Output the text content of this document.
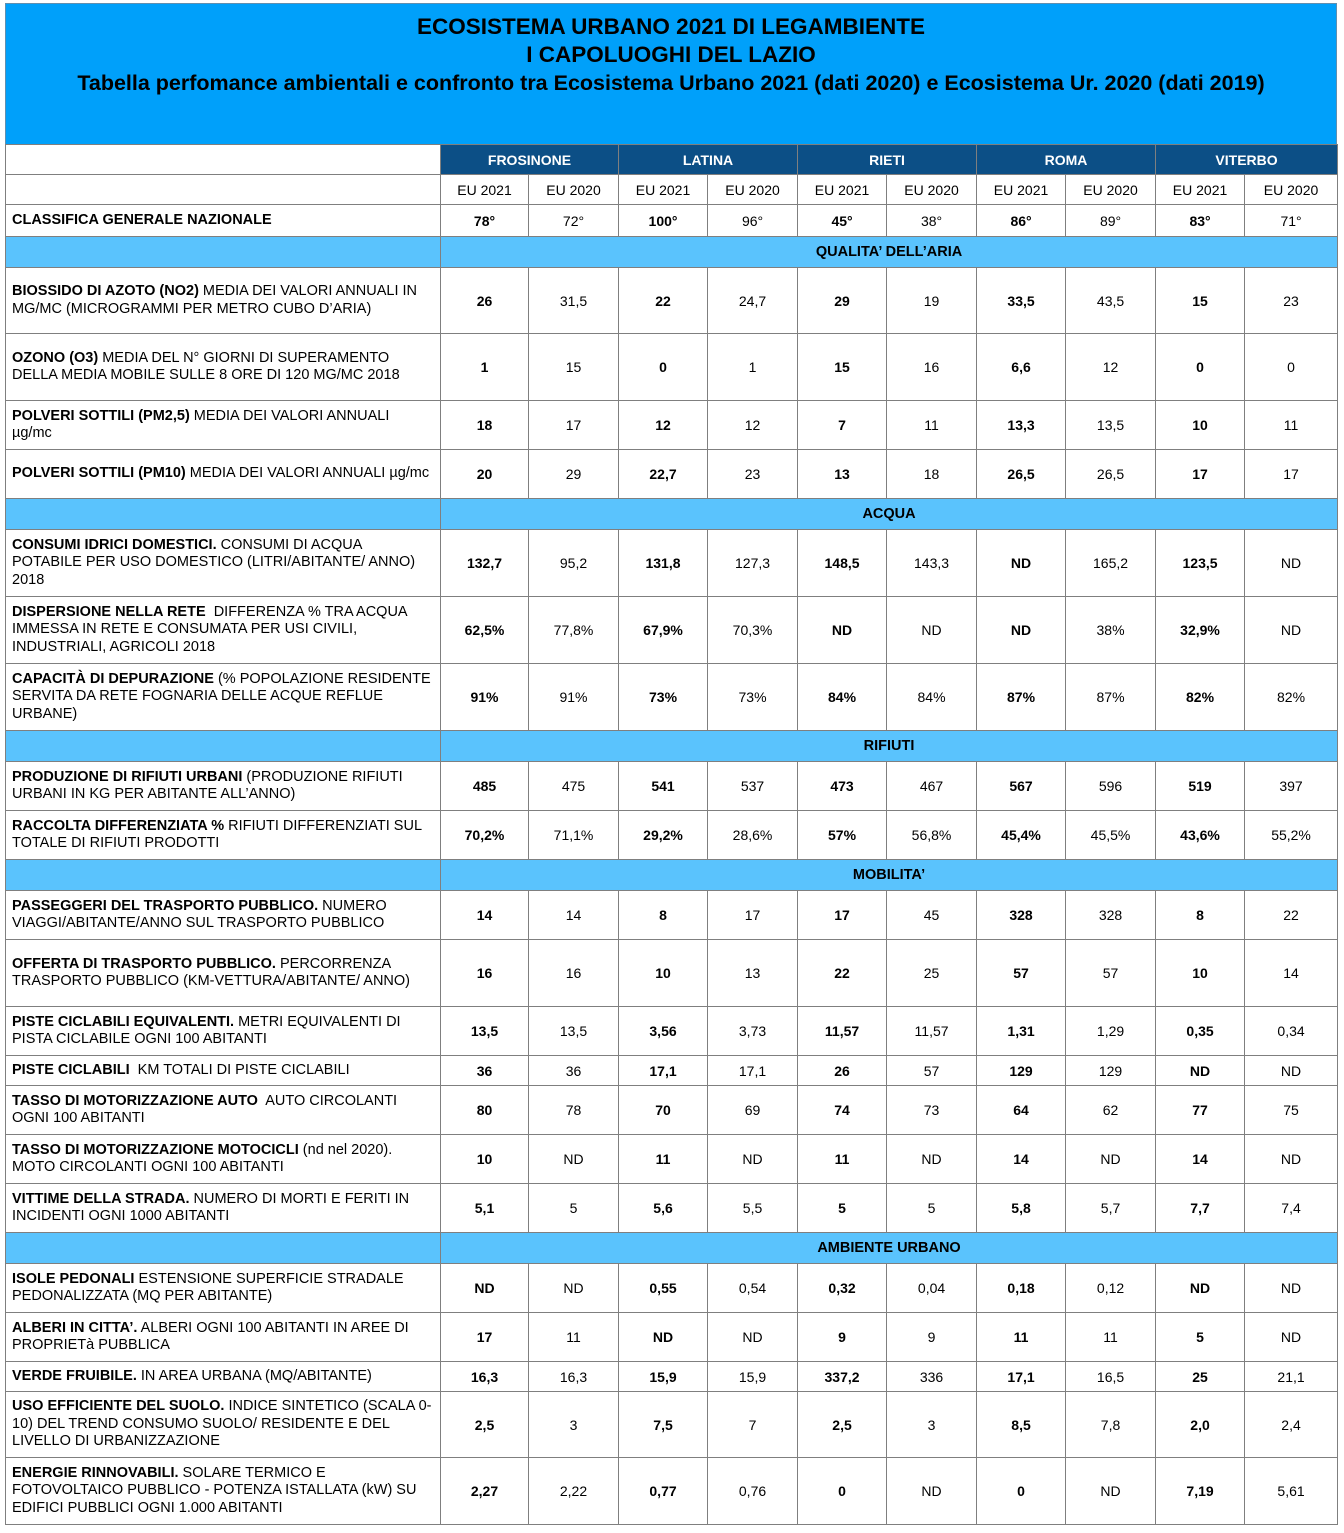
ECOSISTEMA URBANO 2021 DI LEGAMBIENTE
I CAPOLUOGHI DEL LAZIO
Tabella perfomance ambientali e confronto tra Ecosistema Urbano 2021 (dati 2020) e Ecosistema Ur. 2020 (dati 2019)
	FROSINONE		LATINA		RIETI		ROMA		VITERBO	
	EU 2021	EU 2020	EU 2021	EU 2020	EU 2021	EU 2020	EU 2021	EU 2020	EU 2021	EU 2020
CLASSIFICA GENERALE NAZIONALE	78°	72°	100°	96°	45°	38°	86°	89°	83°	71°
	QUALITA’ DELL’ARIA									
BIOSSIDO DI AZOTO (NO2) MEDIA DEI VALORI ANNUALI IN MG/MC (MICROGRAMMI PER METRO CUBO D’ARIA)	26	31,5	22	24,7	29	19	33,5	43,5	15	23
OZONO (O3) MEDIA DEL N° GIORNI DI SUPERAMENTO DELLA MEDIA MOBILE SULLE 8 ORE DI 120 MG/MC 2018	1	15	0	1	15	16	6,6	12	0	0
POLVERI SOTTILI (PM2,5) MEDIA DEI VALORI ANNUALI µg/mc	18	17	12	12	7	11	13,3	13,5	10	11
POLVERI SOTTILI (PM10) MEDIA DEI VALORI ANNUALI µg/mc	20	29	22,7	23	13	18	26,5	26,5	17	17
	ACQUA									
CONSUMI IDRICI DOMESTICI. CONSUMI DI ACQUA POTABILE PER USO DOMESTICO (LITRI/ABITANTE/ ANNO) 2018	132,7	95,2	131,8	127,3	148,5	143,3	ND	165,2	123,5	ND
DISPERSIONE NELLA RETE  DIFFERENZA % TRA ACQUA IMMESSA IN RETE E CONSUMATA PER USI CIVILI, INDUSTRIALI, AGRICOLI 2018	62,5%	77,8%	67,9%	70,3%	ND	ND	ND	38%	32,9%	ND
CAPACITÀ DI DEPURAZIONE (% POPOLAZIONE RESIDENTE SERVITA DA RETE FOGNARIA DELLE ACQUE REFLUE URBANE)	91%	91%	73%	73%	84%	84%	87%	87%	82%	82%
	RIFIUTI									
PRODUZIONE DI RIFIUTI URBANI (PRODUZIONE RIFIUTI URBANI IN KG PER ABITANTE ALL’ANNO)	485	475	541	537	473	467	567	596	519	397
RACCOLTA DIFFERENZIATA % RIFIUTI DIFFERENZIATI SUL TOTALE DI RIFIUTI PRODOTTI	70,2%	71,1%	29,2%	28,6%	57%	56,8%	45,4%	45,5%	43,6%	55,2%
	MOBILITA’									
PASSEGGERI DEL TRASPORTO PUBBLICO. NUMERO VIAGGI/ABITANTE/ANNO SUL TRASPORTO PUBBLICO	14	14	8	17	17	45	328	328	8	22
OFFERTA DI TRASPORTO PUBBLICO. PERCORRENZA TRASPORTO PUBBLICO (KM-VETTURA/ABITANTE/ ANNO)	16	16	10	13	22	25	57	57	10	14
PISTE CICLABILI EQUIVALENTI. METRI EQUIVALENTI DI PISTA CICLABILE OGNI 100 ABITANTI	13,5	13,5	3,56	3,73	11,57	11,57	1,31	1,29	0,35	0,34
PISTE CICLABILI  KM TOTALI DI PISTE CICLABILI	36	36	17,1	17,1	26	57	129	129	ND	ND
TASSO DI MOTORIZZAZIONE AUTO  AUTO CIRCOLANTI OGNI 100 ABITANTI	80	78	70	69	74	73	64	62	77	75
TASSO DI MOTORIZZAZIONE MOTOCICLI (nd nel 2020). MOTO CIRCOLANTI OGNI 100 ABITANTI	10	ND	11	ND	11	ND	14	ND	14	ND
VITTIME DELLA STRADA. NUMERO DI MORTI E FERITI IN INCIDENTI OGNI 1000 ABITANTI	5,1	5	5,6	5,5	5	5	5,8	5,7	7,7	7,4
	AMBIENTE URBANO									
ISOLE PEDONALI ESTENSIONE SUPERFICIE STRADALE PEDONALIZZATA (MQ PER ABITANTE)	ND	ND	0,55	0,54	0,32	0,04	0,18	0,12	ND	ND
ALBERI IN CITTA’. ALBERI OGNI 100 ABITANTI IN AREE DI PROPRIETà PUBBLICA	17	11	ND	ND	9	9	11	11	5	ND
VERDE FRUIBILE. IN AREA URBANA (MQ/ABITANTE)	16,3	16,3	15,9	15,9	337,2	336	17,1	16,5	25	21,1
USO EFFICIENTE DEL SUOLO. INDICE SINTETICO (SCALA 0-10) DEL TREND CONSUMO SUOLO/ RESIDENTE E DEL LIVELLO DI URBANIZZAZIONE	2,5	3	7,5	7	2,5	3	8,5	7,8	2,0	2,4
ENERGIE RINNOVABILI. SOLARE TERMICO E FOTOVOLTAICO PUBBLICO - POTENZA ISTALLATA (kW) SU EDIFICI PUBBLICI OGNI 1.000 ABITANTI	2,27	2,22	0,77	0,76	0	ND	0	ND	7,19	5,61
